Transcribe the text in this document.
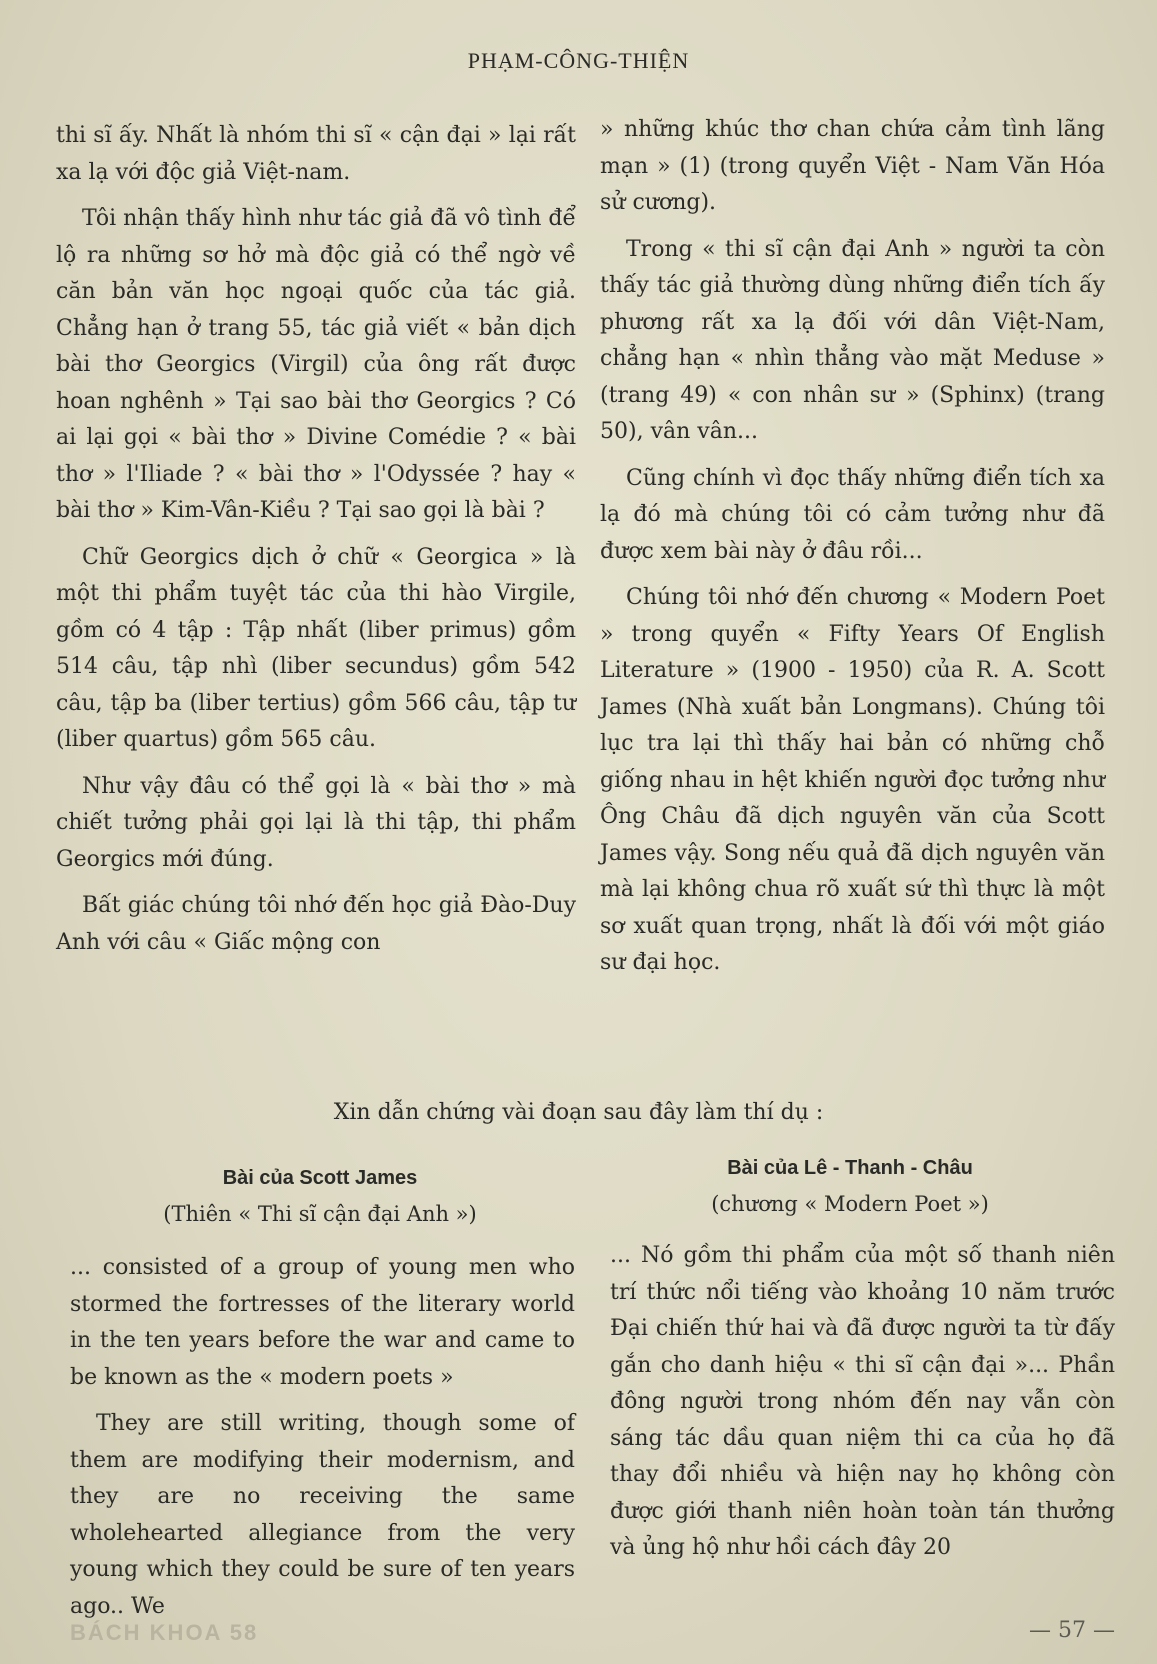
PHẠM-CÔNG-THIỆN

thi sĩ ấy. Nhất là nhóm thi sĩ « cận đại » lại rất xa lạ với độc giả Việt-nam.

Tôi nhận thấy hình như tác giả đã vô tình để lộ ra những sơ hở mà độc giả có thể ngờ về căn bản văn học ngoại quốc của tác giả. Chẳng hạn ở trang 55, tác giả viết « bản dịch bài thơ Georgics (Virgil) của ông rất được hoan nghênh » Tại sao bài thơ Georgics ? Có ai lại gọi « bài thơ » Divine Comédie ? « bài thơ » l'Iliade ? « bài thơ » l'Odyssée ? hay « bài thơ » Kim-Vân-Kiều ? Tại sao gọi là bài ?

Chữ Georgics dịch ở chữ « Georgica » là một thi phẩm tuyệt tác của thi hào Virgile, gồm có 4 tập : Tập nhất (liber primus) gồm 514 câu, tập nhì (liber secundus) gồm 542 câu, tập ba (liber tertius) gồm 566 câu, tập tư (liber quartus) gồm 565 câu.

Như vậy đâu có thể gọi là « bài thơ » mà chiết tưởng phải gọi lại là thi tập, thi phẩm Georgics mới đúng.

Bất giác chúng tôi nhớ đến học giả Đào-Duy Anh với câu « Giấc mộng con

» những khúc thơ chan chứa cảm tình lãng mạn » (1) (trong quyển Việt - Nam Văn Hóa sử cương).

Trong « thi sĩ cận đại Anh » người ta còn thấy tác giả thường dùng những điển tích ấy phương rất xa lạ đối với dân Việt-Nam, chẳng hạn « nhìn thẳng vào mặt Meduse » (trang 49) « con nhân sư » (Sphinx) (trang 50), vân vân...

Cũng chính vì đọc thấy những điển tích xa lạ đó mà chúng tôi có cảm tưởng như đã được xem bài này ở đâu rồi...

Chúng tôi nhớ đến chương « Modern Poet » trong quyển « Fifty Years Of English Literature » (1900 - 1950) của R. A. Scott James (Nhà xuất bản Longmans). Chúng tôi lục tra lại thì thấy hai bản có những chỗ giống nhau in hệt khiến người đọc tưởng như Ông Châu đã dịch nguyên văn của Scott James vậy. Song nếu quả đã dịch nguyên văn mà lại không chua rõ xuất sứ thì thực là một sơ xuất quan trọng, nhất là đối với một giáo sư đại học.

Xin dẫn chứng vài đoạn sau đây làm thí dụ :
Bài của Scott James
(Thiên « Thi sĩ cận đại Anh »)
Bài của Lê - Thanh - Châu
(chương « Modern Poet »)

... consisted of a group of young men who stormed the fortresses of the literary world in the ten years before the war and came to be known as the « modern poets »

They are still writing, though some of them are modifying their modernism, and they are no receiving the same wholehearted allegiance from the very young which they could be sure of ten years ago.. We

... Nó gồm thi phẩm của một số thanh niên trí thức nổi tiếng vào khoảng 10 năm trước Đại chiến thứ hai và đã được người ta từ đấy gắn cho danh hiệu « thi sĩ cận đại »... Phần đông người trong nhóm đến nay vẫn còn sáng tác dầu quan niệm thi ca của họ đã thay đổi nhiều và hiện nay họ không còn được giới thanh niên hoàn toàn tán thưởng và ủng hộ như hồi cách đây 20

BÁCH KHOA 58	— 57 —
